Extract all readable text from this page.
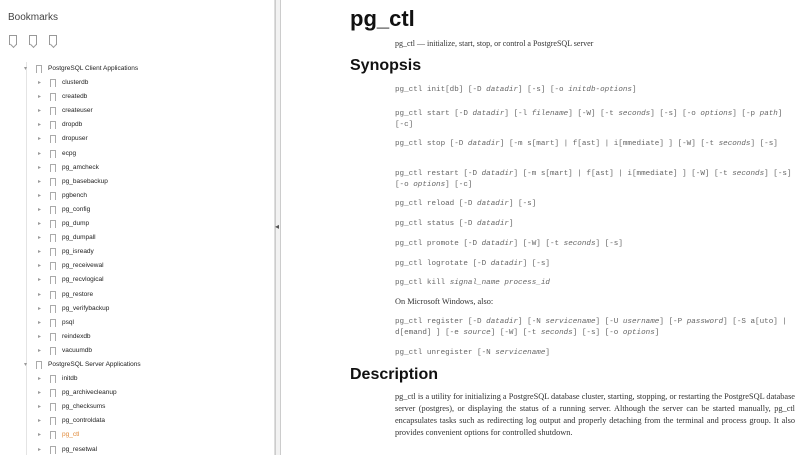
Bookmarks
▾	PostgreSQL Client Applications
▸	clusterdb
▸	createdb
▸	createuser
▸	dropdb
▸	dropuser
▸	ecpg
▸	pg_amcheck
▸	pg_basebackup
▸	pgbench
▸	pg_config
▸	pg_dump
▸	pg_dumpall
▸	pg_isready
▸	pg_receivewal
▸	pg_recvlogical
▸	pg_restore
▸	pg_verifybackup
▸	psql
▸	reindexdb
▸	vacuumdb
▾	PostgreSQL Server Applications
▸	initdb
▸	pg_archivecleanup
▸	pg_checksums
▸	pg_controldata
▸	pg_ctl
▸	pg_resetwal
◂
pg_ctl
pg_ctl — initialize, start, stop, or control a PostgreSQL server
Synopsis
pg_ctl init[db] [-D datadir] [-s] [-o initdb-options]
pg_ctl start [-D datadir] [-l filename] [-W] [-t seconds] [-s] [-o options] [-p path] [-c]
pg_ctl stop [-D datadir] [-m s[mart] | f[ast] | i[mmediate] ] [-W] [-t seconds] [-s]
pg_ctl restart [-D datadir] [-m s[mart] | f[ast] | i[mmediate] ] [-W] [-t seconds] [-s] [-o options] [-c]
pg_ctl reload [-D datadir] [-s]
pg_ctl status [-D datadir]
pg_ctl promote [-D datadir] [-W] [-t seconds] [-s]
pg_ctl logrotate [-D datadir] [-s]
pg_ctl kill signal_name process_id
On Microsoft Windows, also:
pg_ctl register [-D datadir] [-N servicename] [-U username] [-P password] [-S a[uto] | d[emand] ] [-e source] [-W] [-t seconds] [-s] [-o options]
pg_ctl unregister [-N servicename]
Description
pg_ctl is a utility for initializing a PostgreSQL database cluster, starting, stopping, or restarting the PostgreSQL database server (postgres), or displaying the status of a running server. Although the server can be started manually, pg_ctl encapsulates tasks such as redirecting log output and properly detaching from the terminal and process group. It also provides convenient options for controlled shutdown.
